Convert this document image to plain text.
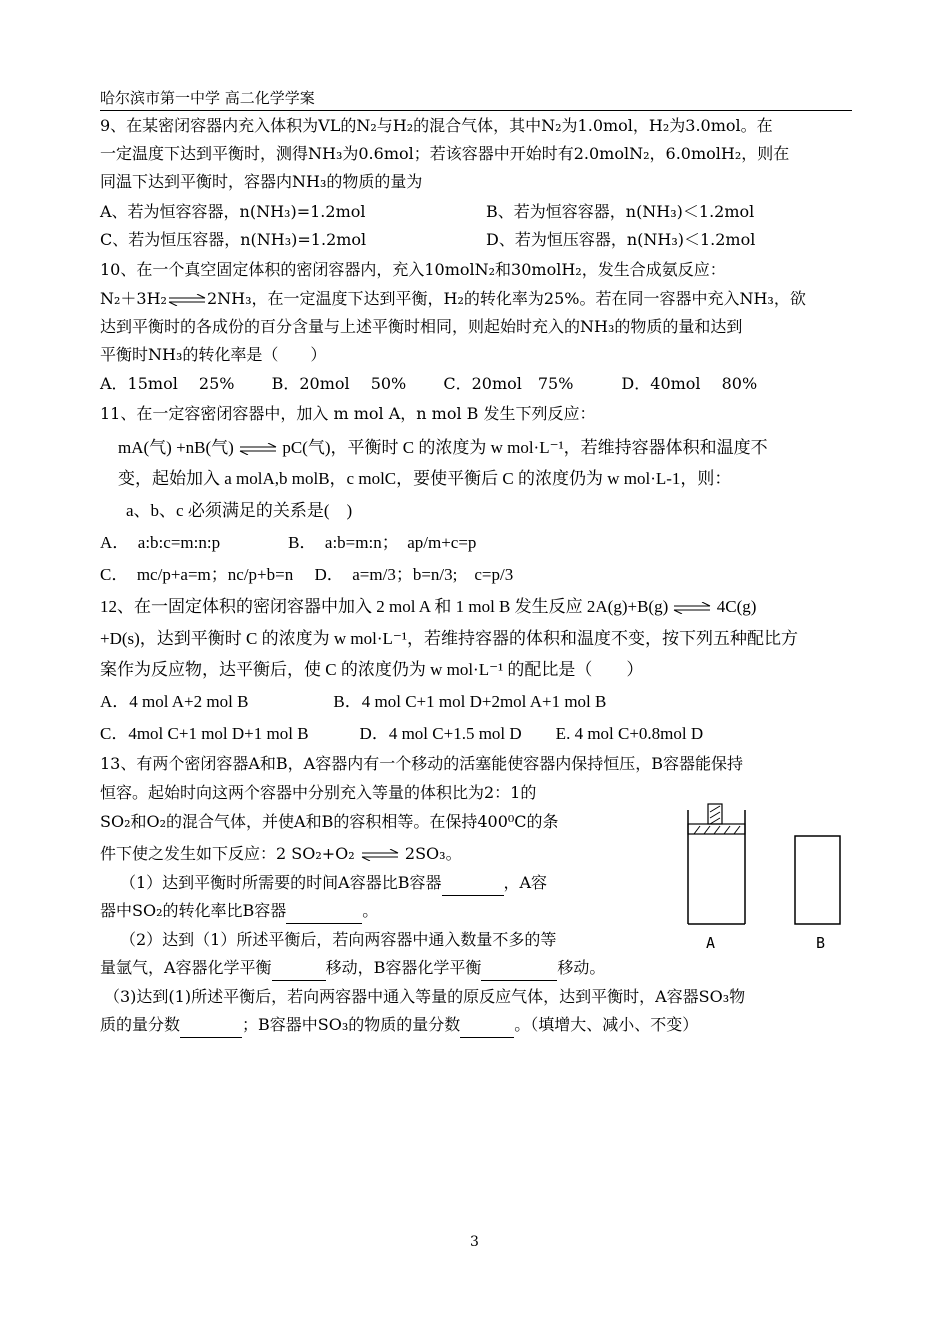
哈尔滨市第一中学 高二化学学案
9、在某密闭容器内充入体积为VL的N₂与H₂的混合气体，其中N₂为1.0mol，H₂为3.0mol。在
一定温度下达到平衡时，测得NH₃为0.6mol；若该容器中开始时有2.0molN₂，6.0molH₂，则在
同温下达到平衡时，容器内NH₃的物质的量为
A、若为恒容容器，n(NH₃)=1.2mol	B、若为恒容容器，n(NH₃)＜1.2mol
C、若为恒压容器，n(NH₃)=1.2mol	D、若为恒压容器，n(NH₃)＜1.2mol
10、在一个真空固定体积的密闭容器内，充入10molN₂和30molH₂，发生合成氨反应：
N₂＋3H₂⇌2NH₃，在一定温度下达到平衡，H₂的转化率为25%。若在同一容器中充入NH₃，欲
达到平衡时的各成份的百分含量与上述平衡时相同，则起始时充入的NH₃的物质的量和达到
平衡时NH₃的转化率是（　　）
A．15mol　 25%　　 B．20mol　 50%　　 C．20mol　75%　　　D．40mol　 80%
11、在一定容密闭容器中，加入 m mol A，n mol B 发生下列反应：
mA(气) +nB(气) ⇌ pC(气)，平衡时 C 的浓度为 w mol·L⁻¹，若维持容器体积和温度不
变，起始加入 a molA,b molB，c molC，要使平衡后 C 的浓度仍为 w mol·L-1，则：
a、b、c 必须满足的关系是(　)
A．　a:b:c=m:n:p　　　　B．　a:b=m:n；　ap/m+c=p
C．　mc/p+a=m；nc/p+b=n　 D．　a=m/3；b=n/3;　c=p/3
12、在一固定体积的密闭容器中加入 2 mol A 和 1 mol B 发生反应 2A(g)+B(g) ⇌ 4C(g)
+D(s)，达到平衡时 C 的浓度为 w mol·L⁻¹，若维持容器的体积和温度不变，按下列五种配比方
案作为反应物，达平衡后，使 C 的浓度仍为 w mol·L⁻¹ 的配比是（　　）
A．4 mol A+2 mol B　　　　　B．4 mol C+1 mol D+2mol A+1 mol B
C．4mol C+1 mol D+1 mol B　　　D．4 mol C+1.5 mol D　　E. 4 mol C+0.8mol D
13、有两个密闭容器A和B，A容器内有一个移动的活塞能使容器内保持恒压，B容器能保持
恒容。起始时向这两个容器中分别充入等量的体积比为2：1的
SO₂和O₂的混合气体，并使A和B的容积相等。在保持400⁰C的条
件下使之发生如下反应：2 SO₂+O₂ ⇌ 2SO₃。
（1）达到平衡时所需要的时间A容器比B容器	，A容
器中SO₂的转化率比B容器	。
（2）达到（1）所述平衡后，若向两容器中通入数量不多的等
量氩气，A容器化学平衡	移动，B容器化学平衡	移动。
（3)达到(1)所述平衡后，若向两容器中通入等量的原反应气体，达到平衡时，A容器SO₃物
质的量分数	；B容器中SO₃的物质的量分数	。（填增大、减小、不变）
A	B
3
